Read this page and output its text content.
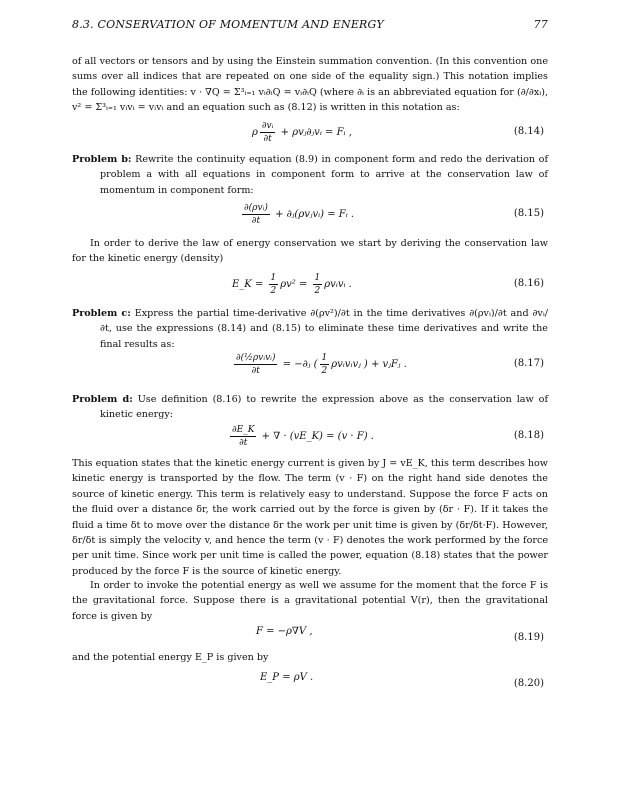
8.3. CONSERVATION OF MOMENTUM AND ENERGY	77
of all vectors or tensors and by using the Einstein summation convention. (In this convention one sums over all indices that are repeated on one side of the equality sign.) This notation implies the following identities: v · ∇Q = Σ³ᵢ₌₁ vᵢ∂ᵢQ = vᵢ∂ᵢQ (where ∂ᵢ is an abbreviated equation for (∂/∂xᵢ), v² = Σ³ᵢ₌₁ vᵢvᵢ = vᵢvᵢ and an equation such as (8.12) is written in this notation as:
ρ $\frac{\text{∂vᵢ}}{\partial t}$ + ρvⱼ∂ⱼvᵢ = Fᵢ ,	(8.14)
Problem b: Rewrite the continuity equation (8.9) in component form and redo the derivation of problem a with all equations in component form to arrive at the conservation law of momentum in component form:
$\frac{\text{∂(ρvᵢ)}}{\partial t}$ + ∂ⱼ(ρvⱼvᵢ) = Fᵢ .	(8.15)
In order to derive the law of energy conservation we start by deriving the conservation law for the kinetic energy (density)
E_K = $\frac{1}{2} \rho v^2 = \frac{1}{2}$ ρvᵢvᵢ .	(8.16)
Problem c: Express the partial time-derivative ∂(ρv²)/∂t in the time derivatives ∂(ρvᵢ)/∂t and ∂vᵢ/∂t, use the expressions (8.14) and (8.15) to eliminate these time derivatives and write the final results as:
$\frac{\text{∂(½ρvᵢvᵢ)}}{\partial t}$ = −∂ⱼ ( $\frac{1}{2}$ ρvᵢvᵢvⱼ ) + vⱼFⱼ .	(8.17)
Problem d: Use definition (8.16) to rewrite the expression above as the conservation law of kinetic energy:
$\frac{\partial E\_K}{\partial t}$ + ∇ · (vE_K) = (v · F) .	(8.18)
This equation states that the kinetic energy current is given by J = vE_K, this term describes how kinetic energy is transported by the flow. The term (v · F) on the right hand side denotes the source of kinetic energy. This term is relatively easy to understand. Suppose the force F acts on the fluid over a distance δr, the work carried out by the force is given by (δr · F). If it takes the fluid a time δt to move over the distance δr the work per unit time is given by (δr/δt·F). However, δr/δt is simply the velocity v, and hence the term (v · F) denotes the work performed by the force per unit time. Since work per unit time is called the power, equation (8.18) states that the power produced by the force F is the source of kinetic energy.
In order to invoke the potential energy as well we assume for the moment that the force F is the gravitational force. Suppose there is a gravitational potential V(r), then the gravitational force is given by
F = −ρ∇V ,
(8.19)
and the potential energy E_P is given by
E_P = ρV .
(8.20)
